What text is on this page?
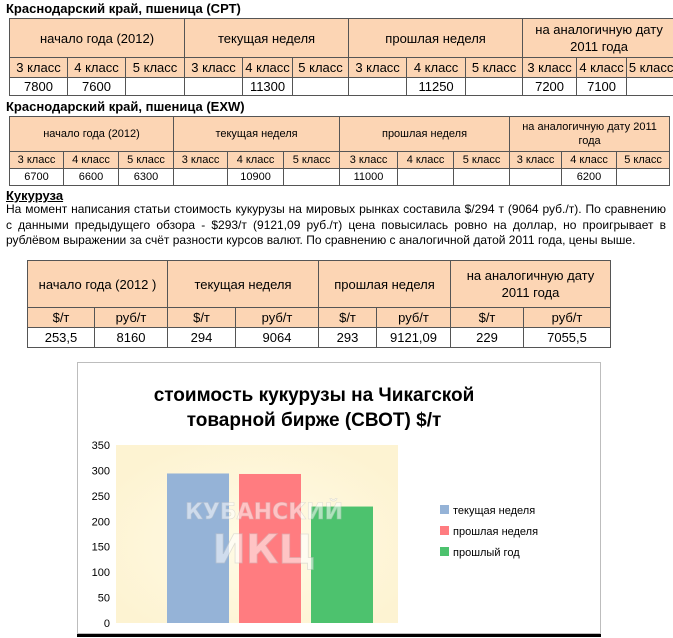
Краснодарский край, пшеница (СРТ)
начало года (2012)			текущая неделя			прошлая неделя			на аналогичную дату 2011 года		
3 класс	4 класс	5 класс	3 класс	4 класс	5 класс	3 класс	4 класс	5 класс	3 класс	4 класс	5 класс
7800	7600			11300			11250		7200	7100	
Краснодарский край, пшеница (EXW)
начало года (2012)			текущая неделя			прошлая неделя			на аналогичную дату 2011 года		
3 класс	4 класс	5 класс	3 класс	4 класс	5 класс	3 класс	4 класс	5 класс	3 класс	4 класс	5 класс
6700	6600	6300		10900		11000				6200	
Кукуруза
На момент написания статьи стоимость кукурузы на мировых рынках составила $/294 т (9064 руб./т). По сравнению с данными предыдущего обзора - $293/т (9121,09 руб./т) цена повысилась ровно на доллар, но проигрывает в рублёвом выражении за счёт разности курсов валют. По сравнению с аналогичной датой 2011 года, цены выше.
начало года (2012 )		текущая неделя		прошлая неделя		на аналогичную дату 2011 года	
$/т	руб/т	$/т	руб/т	$/т	руб/т	$/т	руб/т
253,5	8160	294	9064	293	9121,09	229	7055,5
стоимость кукурузы на Чикагской
товарной бирже (СВОТ) $/т
0
50
100
150
200
250
300
350
КУБАНСКИЙ
ИКЦ
текущая неделя
прошлая неделя
прошлый год
